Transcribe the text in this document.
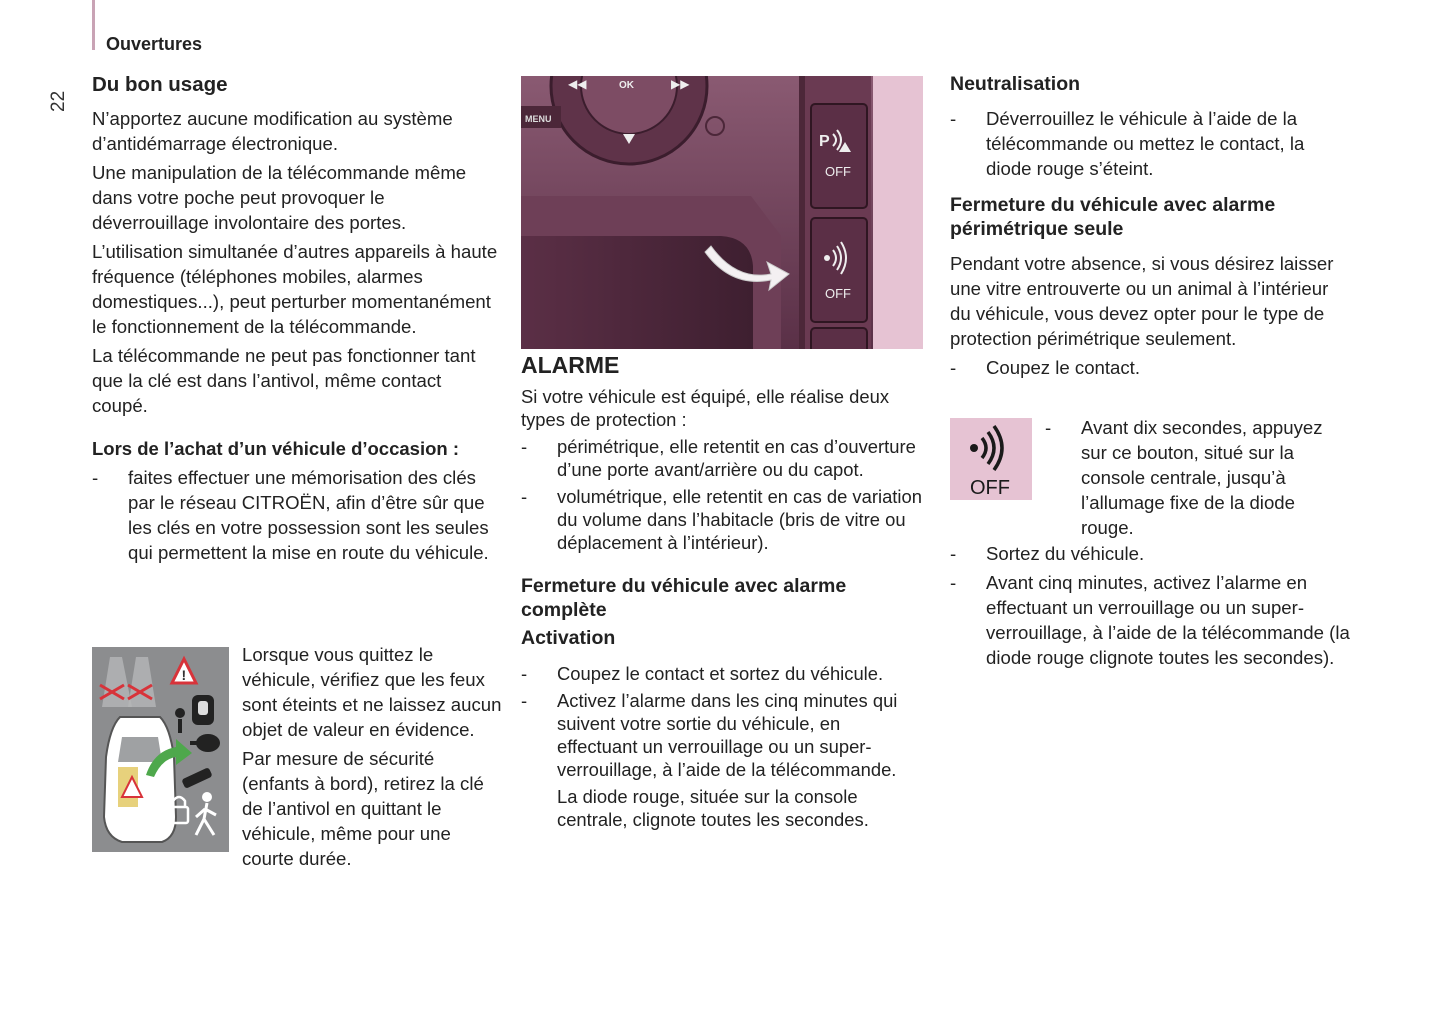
Ouvertures
22
Du bon usage

N’apportez aucune modification au système d’antidémarrage électronique.

Une manipulation de la télécommande même dans votre poche peut provoquer le déverrouillage involontaire des portes.

L’utilisation simultanée d’autres appareils à haute fréquence (téléphones mobiles, alarmes domestiques...), peut perturber momentanément le fonctionnement de la télécommande.

La télécommande ne peut pas fonctionner tant que la clé est dans l’antivol, même contact coupé.

Lors de l’achat d’un véhicule d’occasion :
- faites effectuer une mémorisation des clés par le réseau CITROËN, afin d’être sûr que les clés en votre possession sont les seules qui permettent la mise en route du véhicule.
!

Lorsque vous quittez le véhicule, vérifiez que les feux sont éteints et ne laissez aucun objet de valeur en évidence.

Par mesure de sécurité (enfants à bord), retirez la clé de l’antivol en quittant le véhicule, même pour une courte durée.

MENU
OK
◀◀	▶▶
P
OFF
OFF
ALARME

Si votre véhicule est équipé, elle réalise deux types de protection :

- périmétrique, elle retentit en cas d’ouverture d’une porte avant/arrière ou du capot.
- volumétrique, elle retentit en cas de variation du volume dans l’habitacle (bris de vitre ou déplacement à l’intérieur).
Fermeture du véhicule avec alarme complète
Activation
- Coupez le contact et sortez du véhicule.
- Activez l’alarme dans les cinq minutes qui suivent votre sortie du véhicule, en effectuant un verrouillage ou un super-verrouillage, à l’aide de la télécommande.

La diode rouge, située sur la console centrale, clignote toutes les secondes.

Neutralisation
- Déverrouillez le véhicule à l’aide de la télécommande ou mettez le contact, la diode rouge s’éteint.
Fermeture du véhicule avec alarme périmétrique seule

Pendant votre absence, si vous désirez laisser une vitre entrouverte ou un animal à l’intérieur du véhicule, vous devez opter pour le type de protection périmétrique seulement.

- Coupez le contact.
OFF
- Avant dix secondes, appuyez sur ce bouton, situé sur la console centrale, jusqu’à l’allumage fixe de la diode rouge.
- Sortez du véhicule.
- Avant cinq minutes, activez l’alarme en effectuant un verrouillage ou un super-verrouillage, à l’aide de la télécommande (la diode rouge clignote toutes les secondes).
